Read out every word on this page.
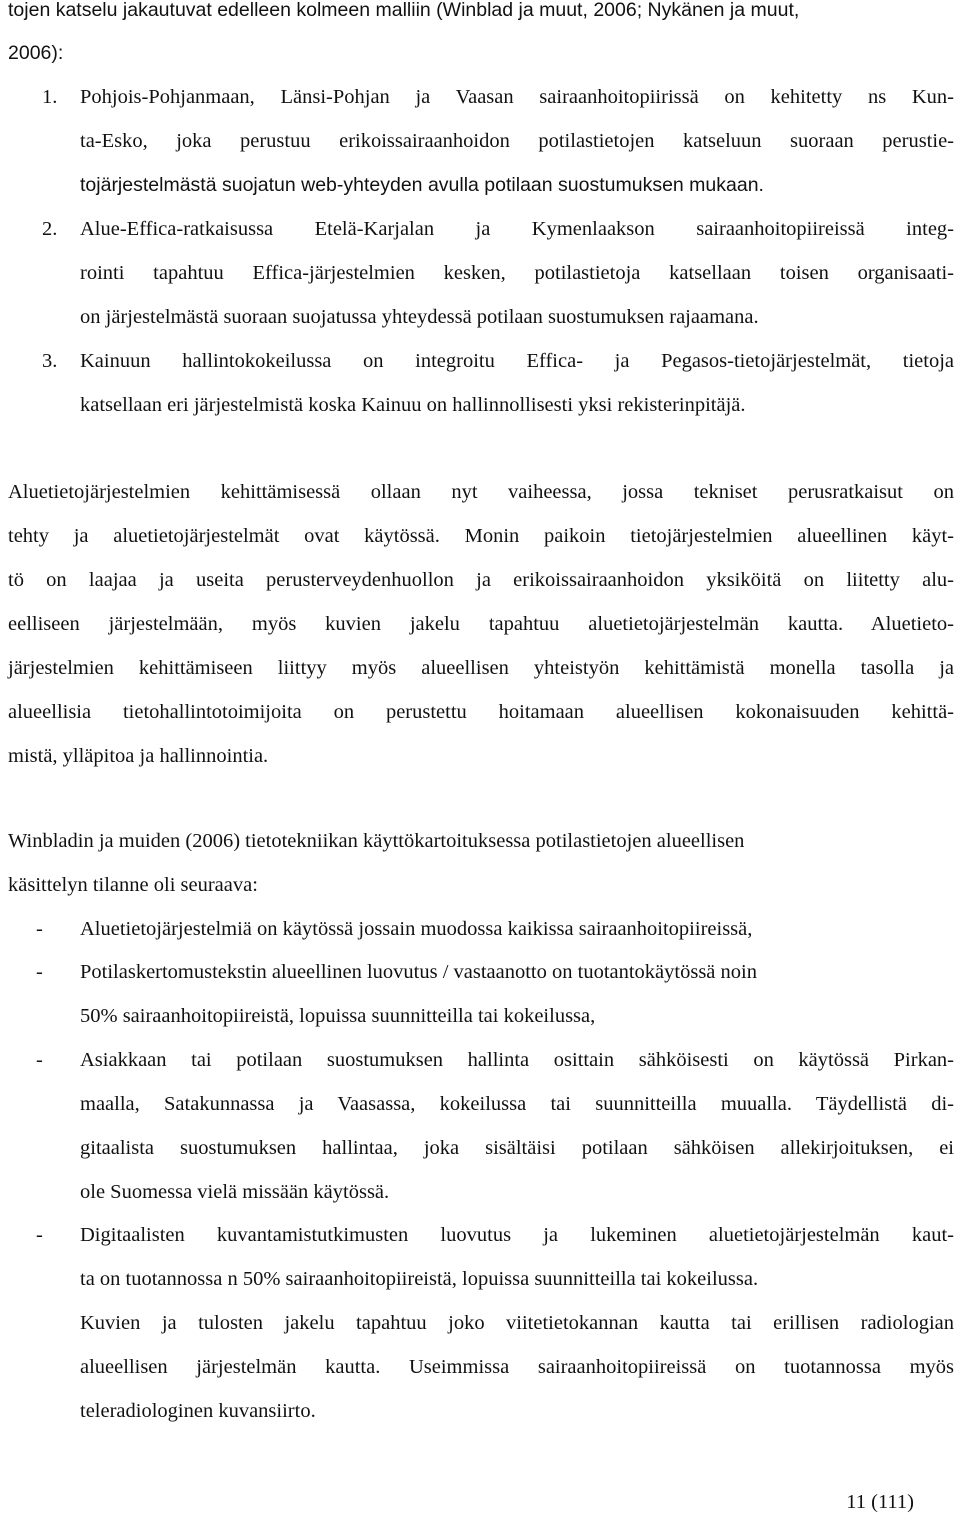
tojen katselu jakautuvat edelleen kolmeen malliin (Winblad ja muut, 2006; Nykänen ja muut,
2006):
1. Pohjois-Pohjanmaan, Länsi-Pohjan ja Vaasan sairaanhoitopiirissä on kehitetty ns Kun-
ta-Esko, joka perustuu erikoissairaanhoidon potilastietojen katseluun suoraan perustie-
tojärjestelmästä suojatun web-yhteyden avulla potilaan suostumuksen mukaan.
2. Alue-Effica-ratkaisussa Etelä-Karjalan ja Kymenlaakson sairaanhoitopiireissä integ-
rointi tapahtuu Effica-järjestelmien kesken, potilastietoja katsellaan toisen organisaati-
on järjestelmästä suoraan suojatussa yhteydessä potilaan suostumuksen rajaamana.
3. Kainuun hallintokokeilussa on integroitu Effica- ja Pegasos-tietojärjestelmät, tietoja
katsellaan eri järjestelmistä koska Kainuu on hallinnollisesti yksi rekisterinpitäjä.
Aluetietojärjestelmien kehittämisessä ollaan nyt vaiheessa, jossa tekniset perusratkaisut on
tehty ja aluetietojärjestelmät ovat käytössä. Monin paikoin tietojärjestelmien alueellinen käyt-
tö on laajaa ja useita perusterveydenhuollon ja erikoissairaanhoidon yksiköitä on liitetty alu-
eelliseen järjestelmään, myös kuvien jakelu tapahtuu aluetietojärjestelmän kautta. Aluetieto-
järjestelmien kehittämiseen liittyy myös alueellisen yhteistyön kehittämistä monella tasolla ja
alueellisia tietohallintotoimijoita on perustettu hoitamaan alueellisen kokonaisuuden kehittä-
mistä, ylläpitoa ja hallinnointia.
Winbladin ja muiden (2006) tietotekniikan käyttökartoituksessa potilastietojen alueellisen
käsittelyn tilanne oli seuraava:
- Aluetietojärjestelmiä on käytössä jossain muodossa kaikissa sairaanhoitopiireissä,
- Potilaskertomustekstin alueellinen luovutus / vastaanotto on tuotantokäytössä noin
50% sairaanhoitopiireistä, lopuissa suunnitteilla tai kokeilussa,
- Asiakkaan tai potilaan suostumuksen hallinta osittain sähköisesti on käytössä Pirkan-
maalla, Satakunnassa ja Vaasassa, kokeilussa tai suunnitteilla muualla. Täydellistä di-
gitaalista suostumuksen hallintaa, joka sisältäisi potilaan sähköisen allekirjoituksen, ei
ole Suomessa vielä missään käytössä.
- Digitaalisten kuvantamistutkimusten luovutus ja lukeminen aluetietojärjestelmän kaut-
ta on tuotannossa n 50% sairaanhoitopiireistä, lopuissa suunnitteilla tai kokeilussa.
Kuvien ja tulosten jakelu tapahtuu joko viitetietokannan kautta tai erillisen radiologian
alueellisen järjestelmän kautta. Useimmissa sairaanhoitopiireissä on tuotannossa myös
teleradiologinen kuvansiirto.
11 (111)
